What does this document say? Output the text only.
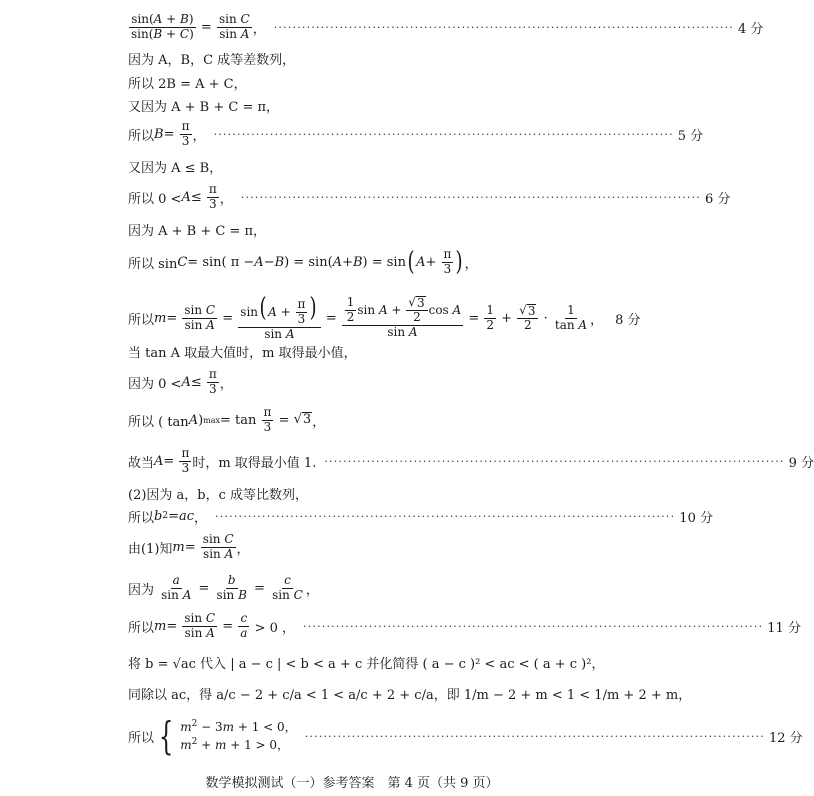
$\frac{\sin(A + B)}{\sin(B + C)} = \frac{\text{sin C}}{\text{sin A}}$ ， ·································································································· 4 分
因为 A，B，C 成等差数列，
所以 2B = A + C，
又因为 A + B + C = π，
所以 $B = \frac{\pi}{3}$ ， ·································································································· 5 分
又因为 A ≤ B，
所以 $0 < A \le \frac{\pi}{3}$ ， ·································································································· 6 分
因为 A + B + C = π，
所以 sin C = sin( π − A − B ) = sin( A + B ) = sin ( $A + \frac{\pi}{3}$ ) ，
所以 $m = \frac{\text{sin C}}{\text{sin A}} = \frac{\sin( A + \frac{\pi}{3} )}{\text{sin A}} = \frac{\frac{1}{2} \sin A + \frac{√ 3}{2} \cos A}{\text{sin A}} = \frac{1}{2} + \frac{√ 3}{2} \cdot \frac{1}{\text{tan A}}$ ， 8 分
当 tan A 取最大值时，m 取得最小值，
因为 $0 < A \le \frac{\pi}{3}$ ，
所以 ( tan A ) $\max = \tan \frac{\pi}{3}$ = √ 3 ，
故当 $A = \frac{\pi}{3}$ 时，m 取得最小值 1. ·································································································· 9 分
(2)因为 a，b，c 成等比数列，
所以 b 2 = ac ， ·································································································· 10 分
由(1)知 $m = \frac{\text{sin C}}{\text{sin A}}$ ，
因为 $\frac{a}{\text{sin A}} = \frac{b}{\text{sin B}} = \frac{c}{\text{sin C}}$ ，
所以 $m = \frac{\text{sin C}}{\text{sin A}} = \frac{c}{a} > 0$ ， ·································································································· 11 分
将 b = √ac 代入 | a − c | < b < a + c 并化简得 ( a − c )² < ac < ( a + c )²，
同除以 ac，得 a/c − 2 + c/a < 1 < a/c + 2 + c/a，即 1/m − 2 + m < 1 < 1/m + 2 + m，
所以 { $m^2 - 3m + 1 < 0$，
$m^2 + m + 1 > 0$，
·································································································· 12 分
数学模拟测试（一）参考答案　第 4 页（共 9 页）
